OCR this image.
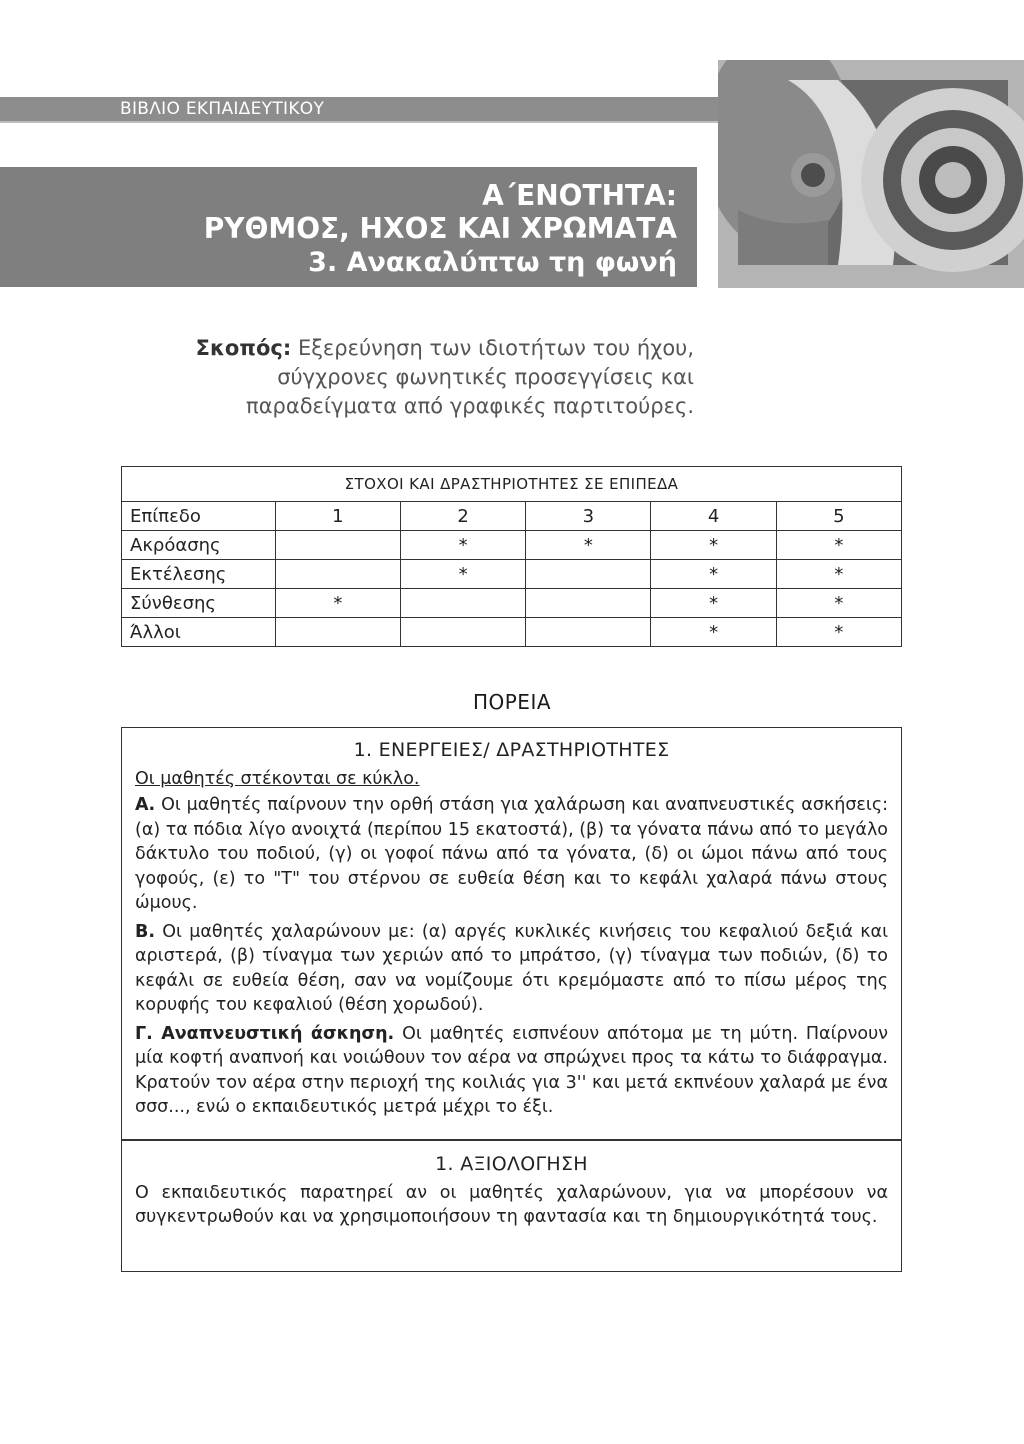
ΒΙΒΛΙΟ ΕΚΠΑΙΔΕΥΤΙΚΟΥ
Α΄ΕΝΟΤΗΤΑ:
ΡΥΘΜΟΣ, ΗΧΟΣ ΚΑΙ ΧΡΩΜΑΤΑ
3. Ανακαλύπτω τη φωνή
Σκοπός: Εξερεύνηση των ιδιοτήτων του ήχου,
σύγχρονες φωνητικές προσεγγίσεις και
παραδείγματα από γραφικές παρτιτούρες.
ΣΤΟΧΟΙ ΚΑΙ ΔΡΑΣΤΗΡΙΟΤΗΤΕΣ ΣΕ ΕΠΙΠΕΔΑ					
Επίπεδο	1	2	3	4	5
Ακρόασης		*	*	*	*
Εκτέλεσης		*		*	*
Σύνθεσης	*			*	*
Άλλοι				*	*
ΠΟΡΕΙΑ
1. ΕΝΕΡΓΕΙΕΣ/ ΔΡΑΣΤΗΡΙΟΤΗΤΕΣ

Οι μαθητές στέκονται σε κύκλο.

Α. Οι μαθητές παίρνουν την ορθή στάση για χαλάρωση και αναπνευστικές ασκήσεις: (α) τα πόδια λίγο ανοιχτά (περίπου 15 εκατοστά), (β) τα γόνατα πάνω από το μεγάλο δάκτυλο του ποδιού, (γ) οι γοφοί πάνω από τα γόνατα, (δ) οι ώμοι πάνω από τους γοφούς, (ε) το "Τ" του στέρνου σε ευθεία θέση και το κεφάλι χαλαρά πάνω στους ώμους.

Β. Οι μαθητές χαλαρώνουν με: (α) αργές κυκλικές κινήσεις του κεφαλιού δεξιά και αριστερά, (β) τίναγμα των χεριών από το μπράτσο, (γ) τίναγμα των ποδιών, (δ) το κεφάλι σε ευθεία θέση, σαν να νομίζουμε ότι κρεμόμαστε από το πίσω μέρος της κορυφής του κεφαλιού (θέση χορωδού).

Γ. Αναπνευστική άσκηση. Οι μαθητές εισπνέουν απότομα με τη μύτη. Παίρνουν μία κοφτή αναπνοή και νοιώθουν τον αέρα να σπρώχνει προς τα κάτω το διάφραγμα. Κρατούν τον αέρα στην περιοχή της κοιλιάς για 3'' και μετά εκπνέουν χαλαρά με ένα σσσ..., ενώ ο εκπαιδευτικός μετρά μέχρι το έξι.

1. ΑΞΙΟΛΟΓΗΣΗ

Ο εκπαιδευτικός παρατηρεί αν οι μαθητές χαλαρώνουν, για να μπορέσουν να συγκεντρωθούν και να χρησιμοποιήσουν τη φαντασία και τη δημιουργικότητά τους.
